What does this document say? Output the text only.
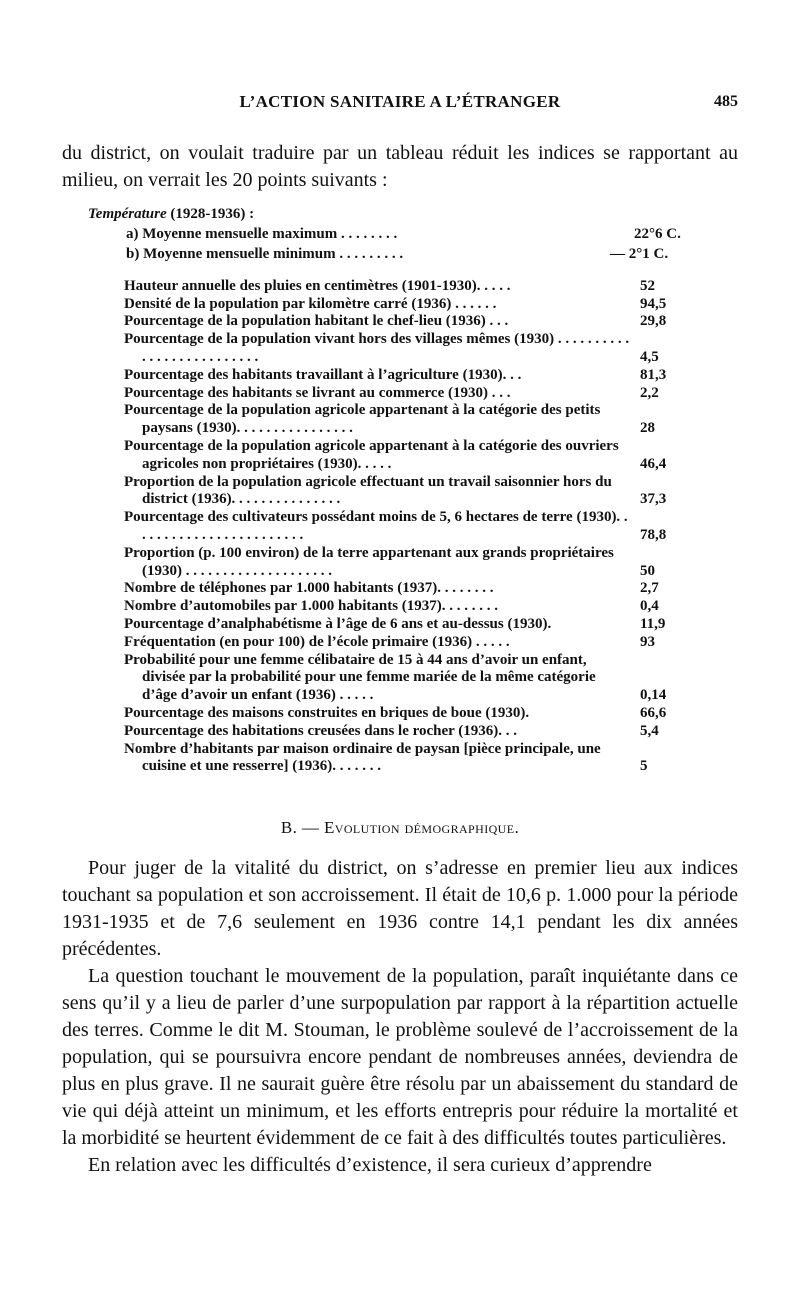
L’ACTION SANITAIRE A L’ÉTRANGER	485

du district, on voulait traduire par un tableau réduit les indices se rapportant au milieu, on verrait les 20 points suivants :

Température (1928-1936) :
a) Moyenne mensuelle maximum . . . . . . . .	22°6 C.
b) Moyenne mensuelle minimum . . . . . . . . .	— 2°1 C.
Hauteur annuelle des pluies en centimètres (1901-1930). . . . .	52
Densité de la population par kilomètre carré (1936) . . . . . .	94,5
Pourcentage de la population habitant le chef-lieu (1936) . . .	29,8
Pourcentage de la population vivant hors des villages mêmes (1930) . . . . . . . . . . . . . . . . . . . . . . . . . .	4,5
Pourcentage des habitants travaillant à l’agriculture (1930). . .	81,3
Pourcentage des habitants se livrant au commerce (1930) . . .	2,2
Pourcentage de la population agricole appartenant à la catégorie des petits paysans (1930). . . . . . . . . . . . . . . .	28
Pourcentage de la population agricole appartenant à la catégorie des ouvriers agricoles non propriétaires (1930). . . . .	46,4
Proportion de la population agricole effectuant un travail saisonnier hors du district (1936). . . . . . . . . . . . . . .	37,3
Pourcentage des cultivateurs possédant moins de 5, 6 hectares de terre (1930). . . . . . . . . . . . . . . . . . . . . . . .	78,8
Proportion (p. 100 environ) de la terre appartenant aux grands propriétaires (1930) . . . . . . . . . . . . . . . . . . . .	50
Nombre de téléphones par 1.000 habitants (1937). . . . . . . .	2,7
Nombre d’automobiles par 1.000 habitants (1937). . . . . . . .	0,4
Pourcentage d’analphabétisme à l’âge de 6 ans et au-dessus (1930).	11,9
Fréquentation (en pour 100) de l’école primaire (1936) . . . . .	93
Probabilité pour une femme célibataire de 15 à 44 ans d’avoir un enfant, divisée par la probabilité pour une femme mariée de la même catégorie d’âge d’avoir un enfant (1936) . . . . .	0,14
Pourcentage des maisons construites en briques de boue (1930).	66,6
Pourcentage des habitations creusées dans le rocher (1936). . .	5,4
Nombre d’habitants par maison ordinaire de paysan [pièce principale, une cuisine et une resserre] (1936). . . . . . .	5
B. — Evolution démographique.

Pour juger de la vitalité du district, on s’adresse en premier lieu aux indices touchant sa population et son accroissement. Il était de 10,6 p. 1.000 pour la période 1931-1935 et de 7,6 seulement en 1936 contre 14,1 pendant les dix années précédentes.

La question touchant le mouvement de la population, paraît inquiétante dans ce sens qu’il y a lieu de parler d’une surpopulation par rapport à la répartition actuelle des terres. Comme le dit M. Stouman, le problème soulevé de l’accroissement de la population, qui se poursuivra encore pendant de nombreuses années, deviendra de plus en plus grave. Il ne saurait guère être résolu par un abaissement du standard de vie qui déjà atteint un minimum, et les efforts entrepris pour réduire la mortalité et la morbidité se heurtent évidemment de ce fait à des difficultés toutes particulières.

En relation avec les difficultés d’existence, il sera curieux d’apprendre
